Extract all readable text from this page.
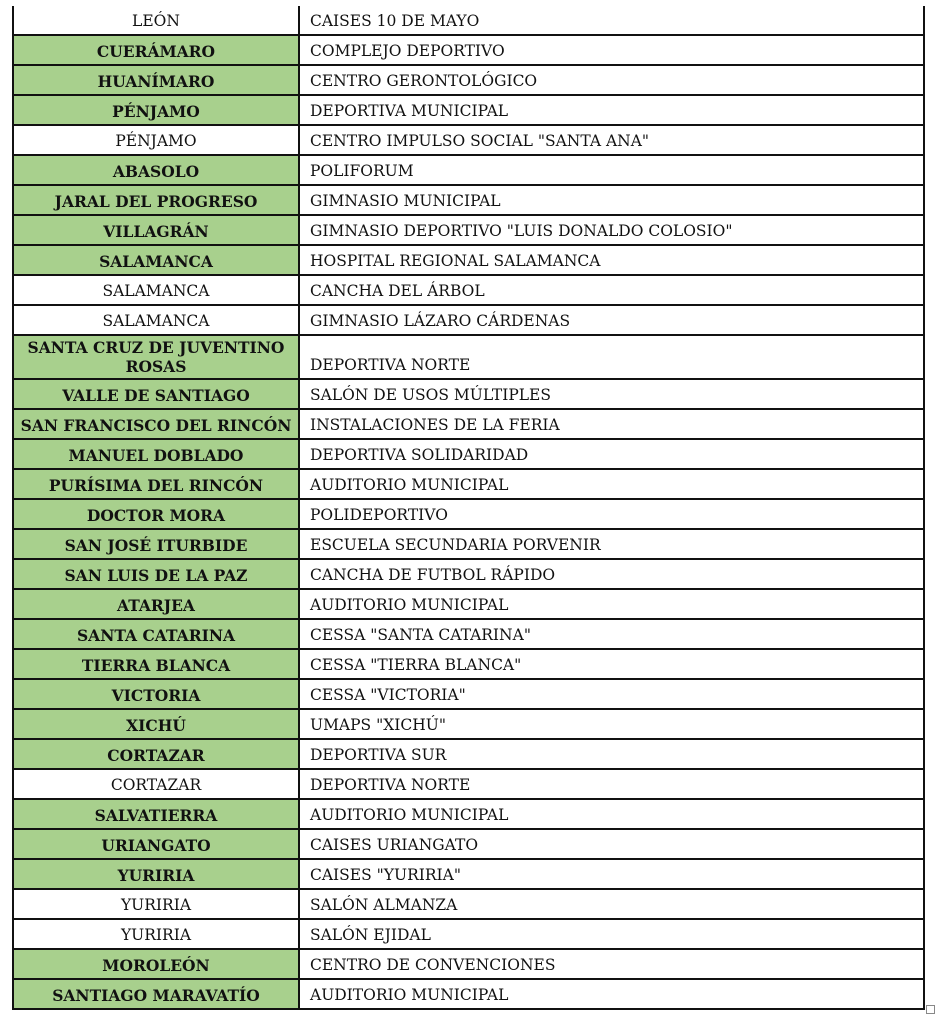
LEÓN	CAISES 10 DE MAYO
CUERÁMARO	COMPLEJO DEPORTIVO
HUANÍMARO	CENTRO GERONTOLÓGICO
PÉNJAMO	DEPORTIVA MUNICIPAL
PÉNJAMO	CENTRO IMPULSO SOCIAL "SANTA ANA"
ABASOLO	POLIFORUM
JARAL DEL PROGRESO	GIMNASIO MUNICIPAL
VILLAGRÁN	GIMNASIO DEPORTIVO "LUIS DONALDO COLOSIO"
SALAMANCA	HOSPITAL REGIONAL SALAMANCA
SALAMANCA	CANCHA DEL ÁRBOL
SALAMANCA	GIMNASIO LÁZARO CÁRDENAS
SANTA CRUZ DE JUVENTINO ROSAS	DEPORTIVA NORTE
VALLE DE SANTIAGO	SALÓN DE USOS MÚLTIPLES
SAN FRANCISCO DEL RINCÓN	INSTALACIONES DE LA FERIA
MANUEL DOBLADO	DEPORTIVA SOLIDARIDAD
PURÍSIMA DEL RINCÓN	AUDITORIO MUNICIPAL
DOCTOR MORA	POLIDEPORTIVO
SAN JOSÉ ITURBIDE	ESCUELA SECUNDARIA PORVENIR
SAN LUIS DE LA PAZ	CANCHA DE FUTBOL RÁPIDO
ATARJEA	AUDITORIO MUNICIPAL
SANTA CATARINA	CESSA "SANTA CATARINA"
TIERRA BLANCA	CESSA "TIERRA BLANCA"
VICTORIA	CESSA "VICTORIA"
XICHÚ	UMAPS "XICHÚ"
CORTAZAR	DEPORTIVA SUR
CORTAZAR	DEPORTIVA NORTE
SALVATIERRA	AUDITORIO MUNICIPAL
URIANGATO	CAISES URIANGATO
YURIRIA	CAISES "YURIRIA"
YURIRIA	SALÓN ALMANZA
YURIRIA	SALÓN EJIDAL
MOROLEÓN	CENTRO DE CONVENCIONES
SANTIAGO MARAVATÍO	AUDITORIO MUNICIPAL
